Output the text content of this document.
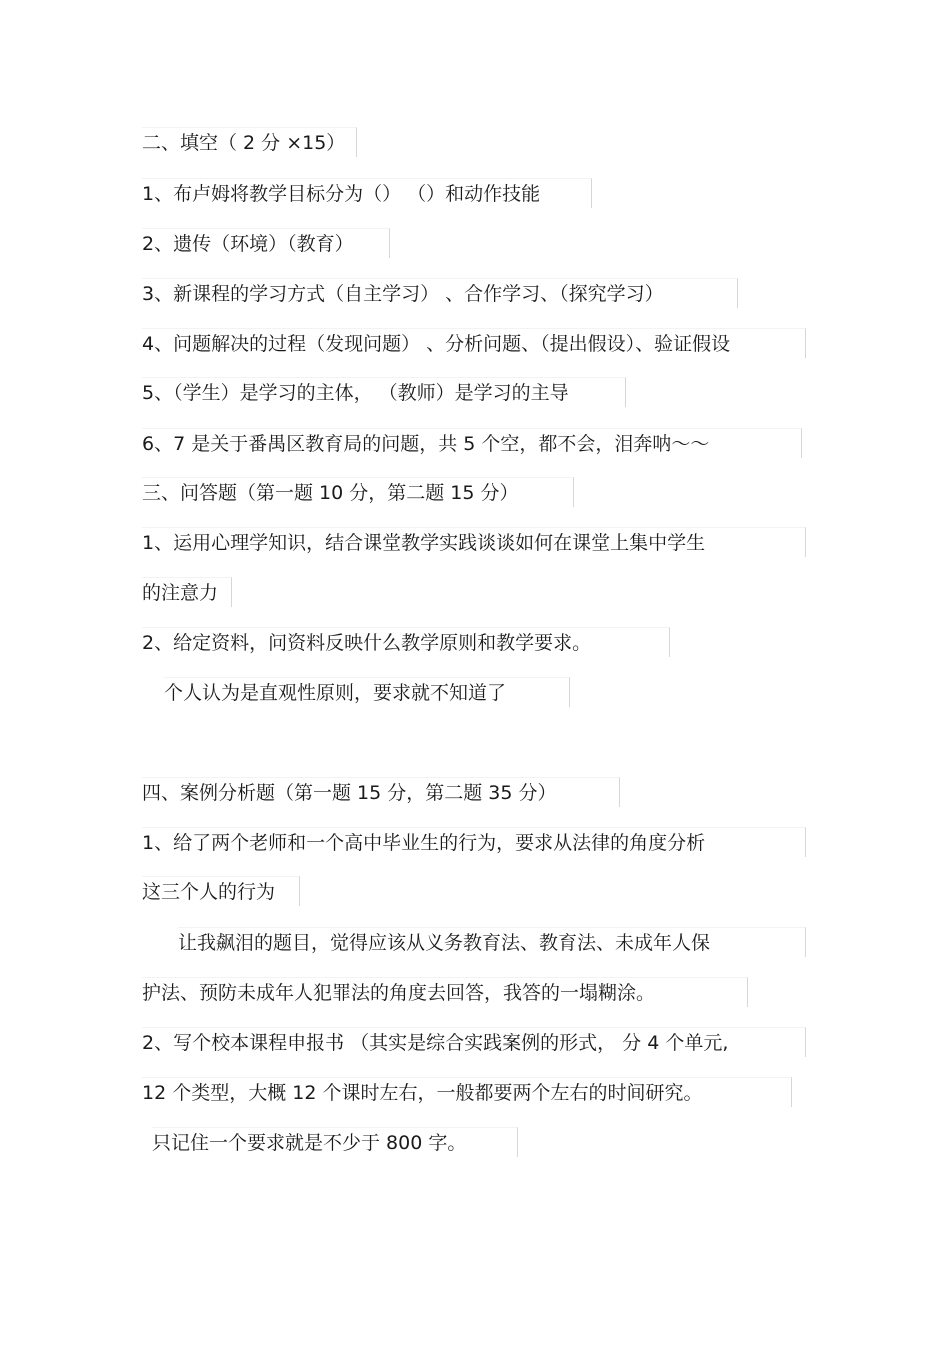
二、填空（ 2 分 ×15）
1、布卢姆将教学目标分为（） （）和动作技能
2、遗传（环境）（教育）
3、新课程的学习方式（自主学习） 、合作学习、（探究学习）
4、问题解决的过程（发现问题） 、分析问题、（提出假设）、验证假设
5、（学生）是学习的主体， （教师）是学习的主导
6、7 是关于番禺区教育局的问题，共 5 个空，都不会，泪奔呐～～
三、问答题（第一题 10 分，第二题 15 分）
1、运用心理学知识，结合课堂教学实践谈谈如何在课堂上集中学生
的注意力
2、给定资料，问资料反映什么教学原则和教学要求。
个人认为是直观性原则，要求就不知道了
四、案例分析题（第一题 15 分，第二题 35 分）
1、给了两个老师和一个高中毕业生的行为，要求从法律的角度分析
这三个人的行为
让我飙泪的题目，觉得应该从义务教育法、教育法、未成年人保
护法、预防未成年人犯罪法的角度去回答，我答的一塌糊涂。
2、写个校本课程申报书 （其实是综合实践案例的形式， 分 4 个单元,
12 个类型，大概 12 个课时左右，一般都要两个左右的时间研究。
只记住一个要求就是不少于 800 字。
